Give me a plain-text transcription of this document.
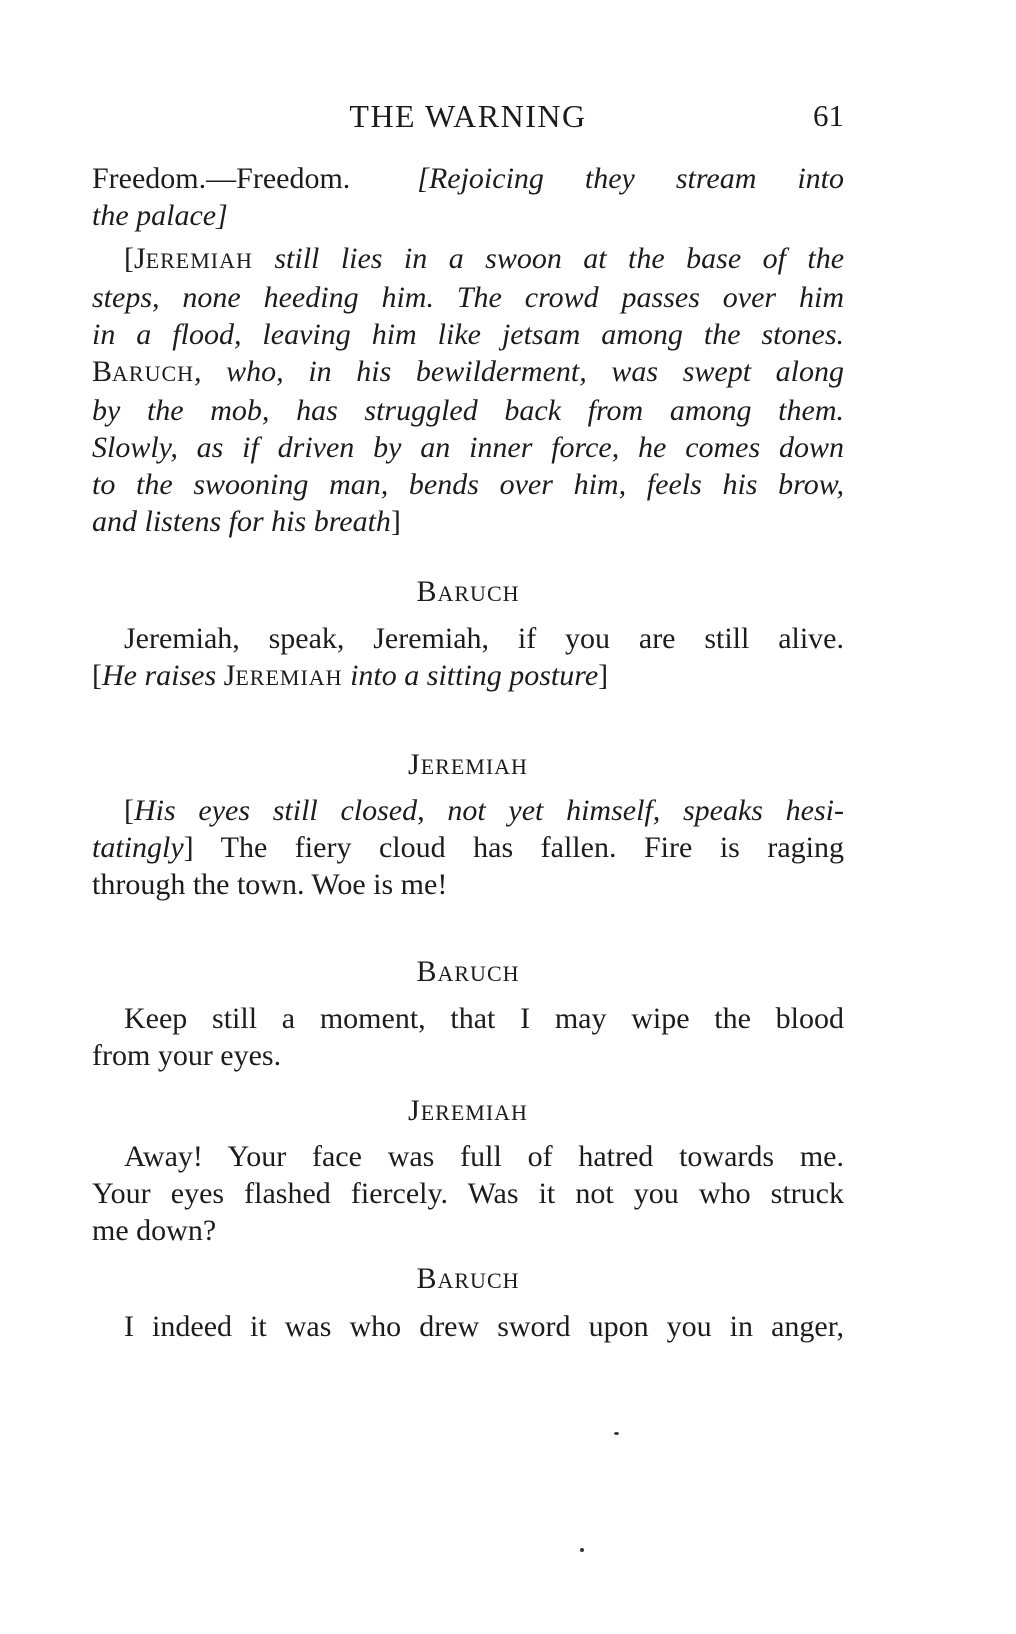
THE WARNING	61
Freedom.—Freedom. [Rejoicing they stream into
the palace]
[JEREMIAH still lies in a swoon at the base of the
steps, none heeding him. The crowd passes over him
in a flood, leaving him like jetsam among the stones.
BARUCH, who, in his bewilderment, was swept along
by the mob, has struggled back from among them.
Slowly, as if driven by an inner force, he comes down
to the swooning man, bends over him, feels his brow,
and listens for his breath]
BARUCH
Jeremiah, speak, Jeremiah, if you are still alive.
[He raises JEREMIAH into a sitting posture]
JEREMIAH
[His eyes still closed, not yet himself, speaks hesi-
tatingly] The fiery cloud has fallen. Fire is raging
through the town. Woe is me!
BARUCH
Keep still a moment, that I may wipe the blood
from your eyes.
JEREMIAH
Away! Your face was full of hatred towards me.
Your eyes flashed fiercely. Was it not you who struck
me down?
BARUCH
I indeed it was who drew sword upon you in anger,
